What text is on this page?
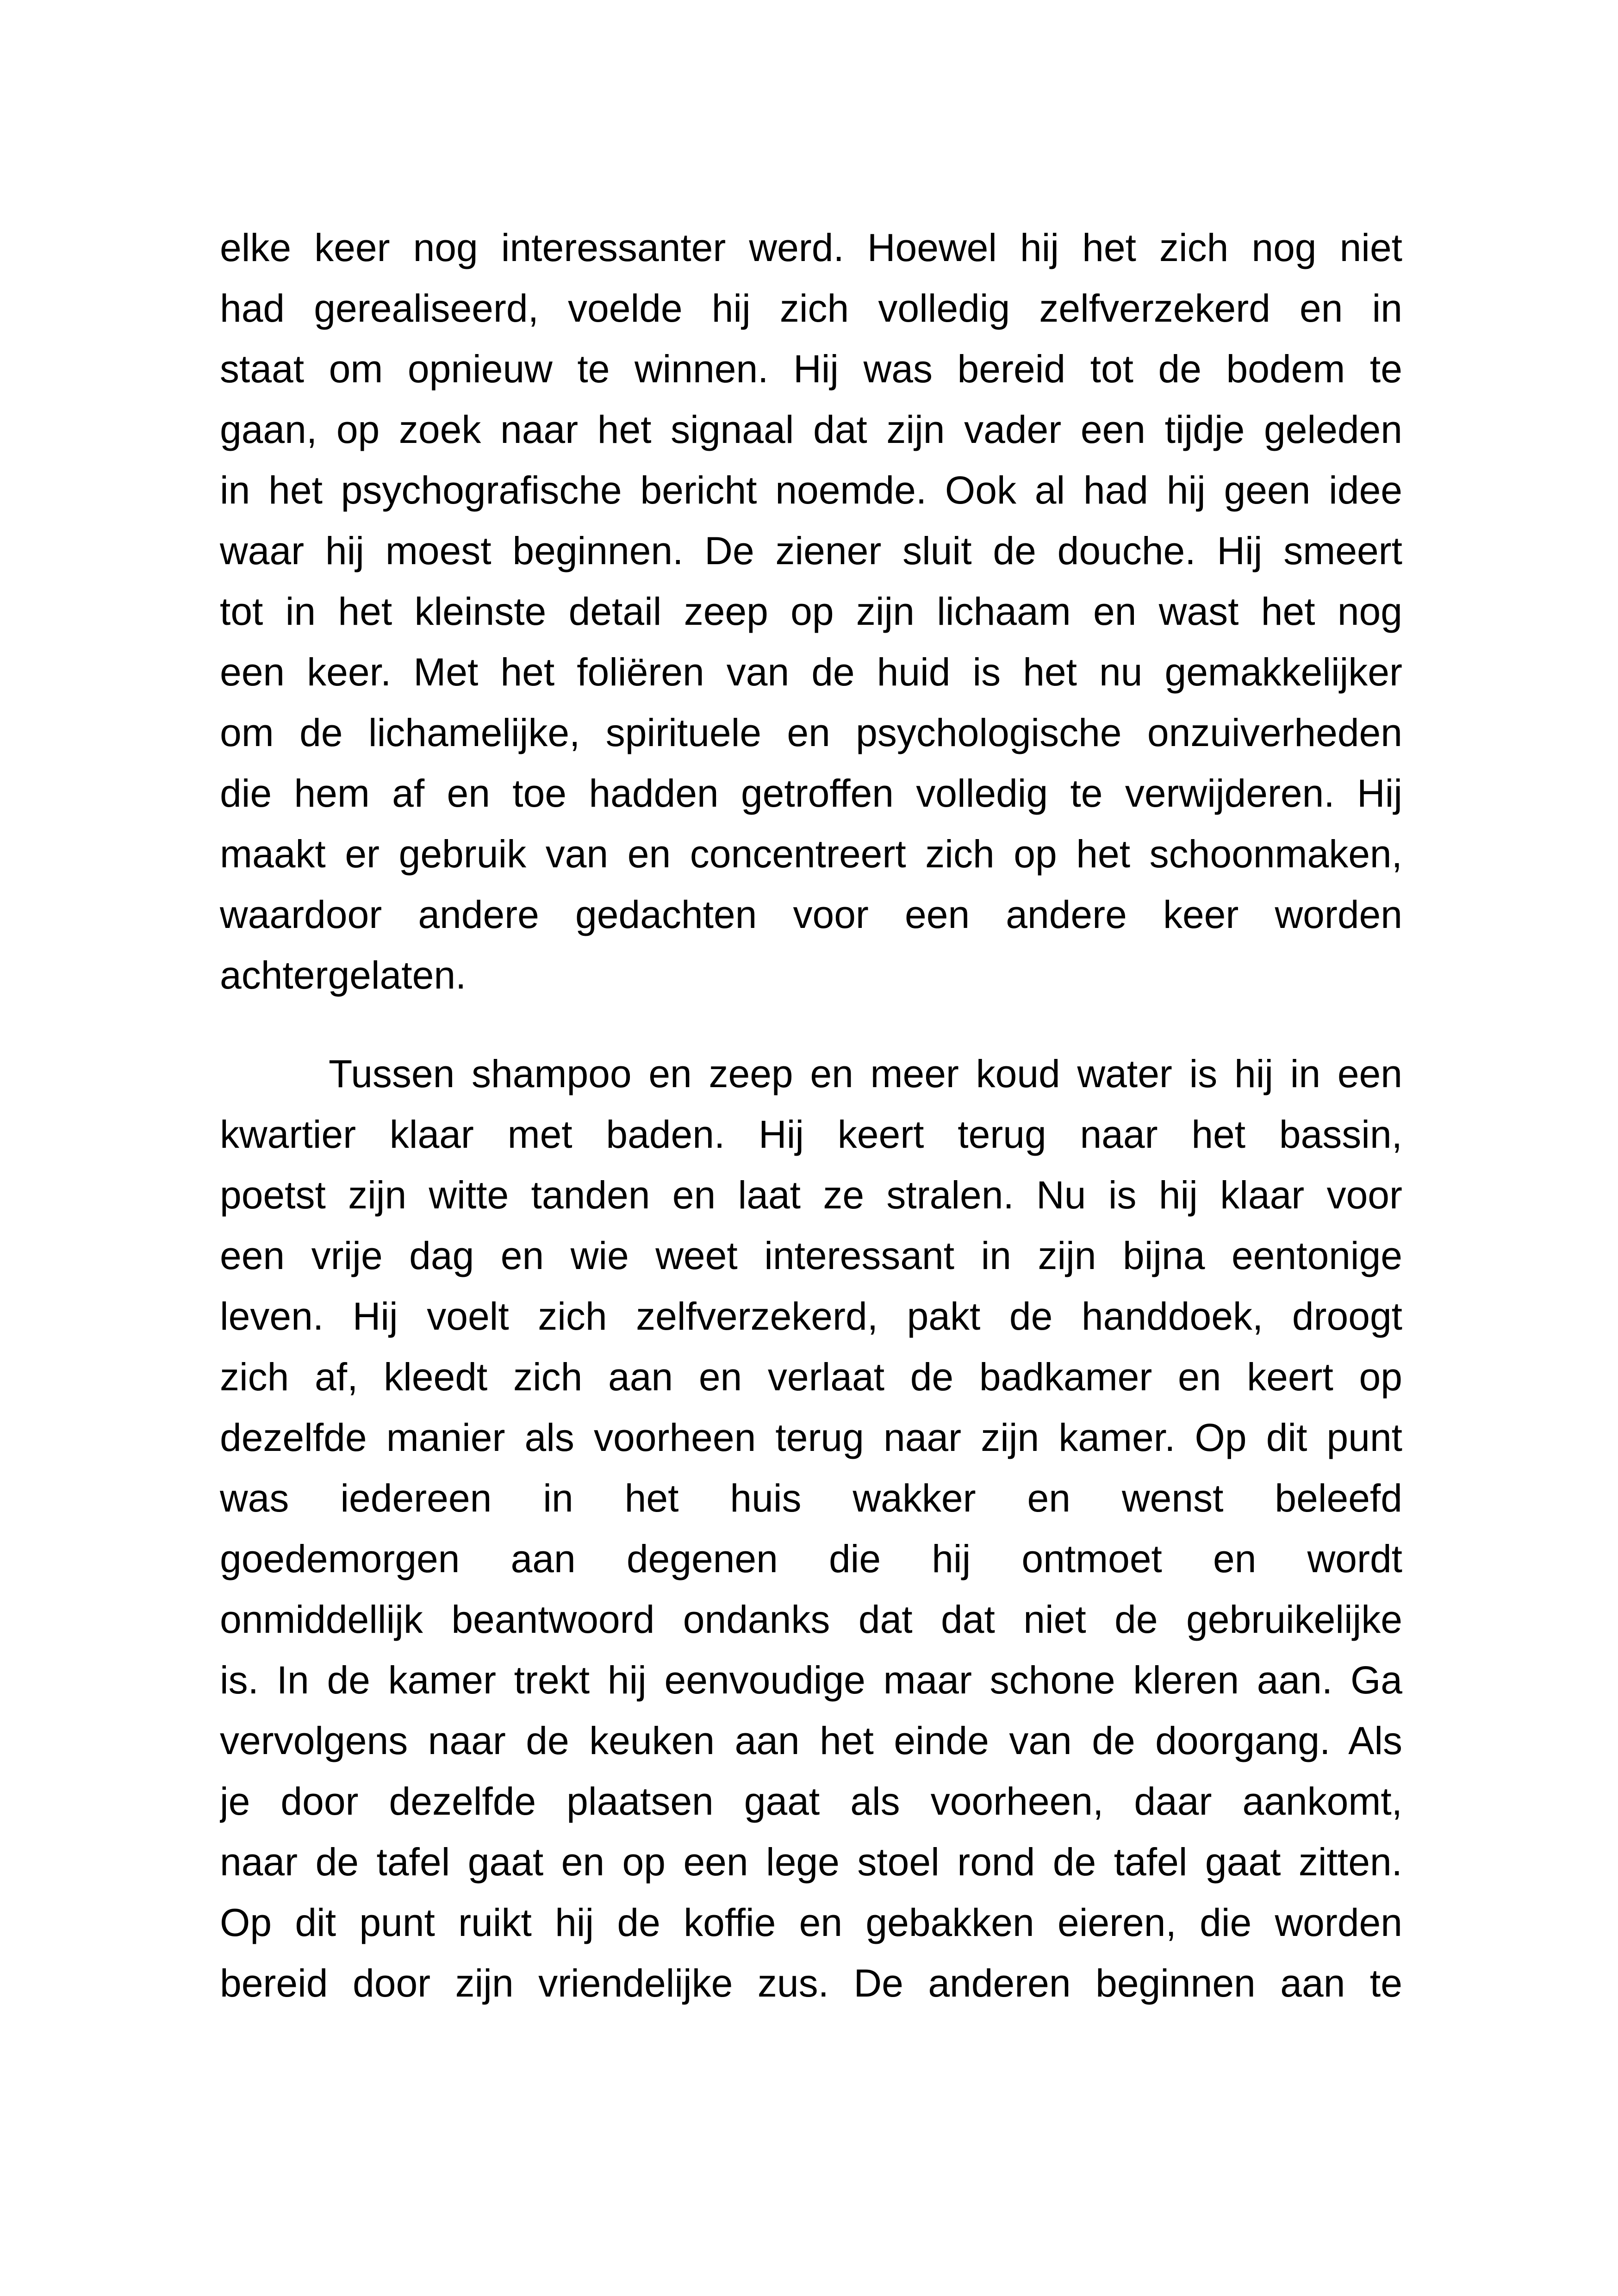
elke keer nog interessanter werd. Hoewel hij het zich nog niet
had gerealiseerd, voelde hij zich volledig zelfverzekerd en in
staat om opnieuw te winnen. Hij was bereid tot de bodem te
gaan, op zoek naar het signaal dat zijn vader een tijdje geleden
in het psychografische bericht noemde. Ook al had hij geen idee
waar hij moest beginnen. De ziener sluit de douche. Hij smeert
tot in het kleinste detail zeep op zijn lichaam en wast het nog
een keer. Met het foliëren van de huid is het nu gemakkelijker
om de lichamelijke, spirituele en psychologische onzuiverheden
die hem af en toe hadden getroffen volledig te verwijderen. Hij
maakt er gebruik van en concentreert zich op het schoonmaken,
waardoor andere gedachten voor een andere keer worden
achtergelaten.
Tussen shampoo en zeep en meer koud water is hij in een
kwartier klaar met baden. Hij keert terug naar het bassin,
poetst zijn witte tanden en laat ze stralen. Nu is hij klaar voor
een vrije dag en wie weet interessant in zijn bijna eentonige
leven. Hij voelt zich zelfverzekerd, pakt de handdoek, droogt
zich af, kleedt zich aan en verlaat de badkamer en keert op
dezelfde manier als voorheen terug naar zijn kamer. Op dit punt
was iedereen in het huis wakker en wenst beleefd
goedemorgen aan degenen die hij ontmoet en wordt
onmiddellijk beantwoord ondanks dat dat niet de gebruikelijke
is. In de kamer trekt hij eenvoudige maar schone kleren aan. Ga
vervolgens naar de keuken aan het einde van de doorgang. Als
je door dezelfde plaatsen gaat als voorheen, daar aankomt,
naar de tafel gaat en op een lege stoel rond de tafel gaat zitten.
Op dit punt ruikt hij de koffie en gebakken eieren, die worden
bereid door zijn vriendelijke zus. De anderen beginnen aan te
